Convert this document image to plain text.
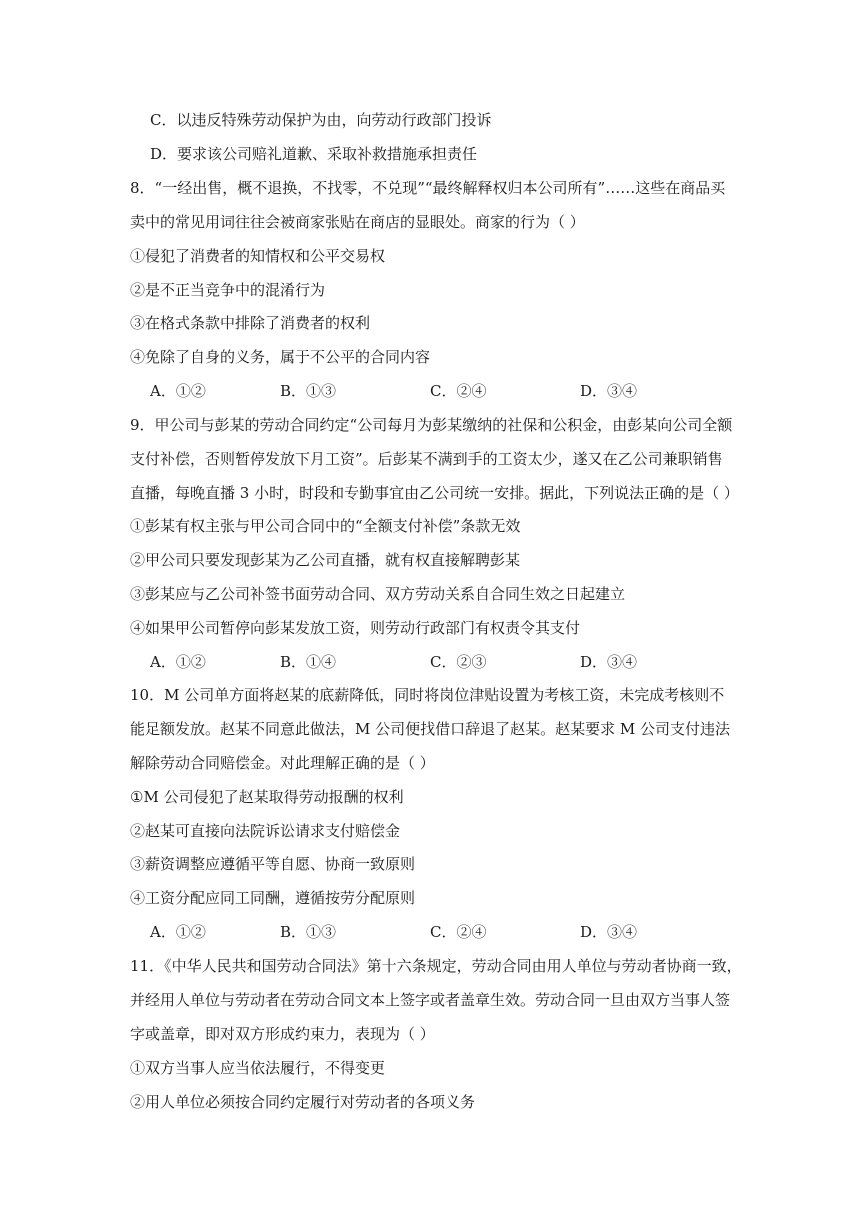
C．以违反特殊劳动保护为由，向劳动行政部门投诉
D．要求该公司赔礼道歉、采取补救措施承担责任
8．“一经出售，概不退换，不找零，不兑现”“最终解释权归本公司所有”……这些在商品买
卖中的常见用词往往会被商家张贴在商店的显眼处。商家的行为（ ）
①侵犯了消费者的知情权和公平交易权
②是不正当竞争中的混淆行为
③在格式条款中排除了消费者的权利
④免除了自身的义务，属于不公平的合同内容
A．①②	B．①③	C．②④	D．③④
9．甲公司与彭某的劳动合同约定“公司每月为彭某缴纳的社保和公积金，由彭某向公司全额
支付补偿，否则暂停发放下月工资”。后彭某不满到手的工资太少，遂又在乙公司兼职销售
直播，每晚直播 3 小时，时段和专勤事宜由乙公司统一安排。据此，下列说法正确的是（ ）
①彭某有权主张与甲公司合同中的“全额支付补偿”条款无效
②甲公司只要发现彭某为乙公司直播，就有权直接解聘彭某
③彭某应与乙公司补签书面劳动合同、双方劳动关系自合同生效之日起建立
④如果甲公司暂停向彭某发放工资，则劳动行政部门有权责令其支付
A．①②	B．①④	C．②③	D．③④
10．M 公司单方面将赵某的底薪降低，同时将岗位津贴设置为考核工资，未完成考核则不
能足额发放。赵某不同意此做法，M 公司便找借口辞退了赵某。赵某要求 M 公司支付违法
解除劳动合同赔偿金。对此理解正确的是（ ）
①M 公司侵犯了赵某取得劳动报酬的权利
②赵某可直接向法院诉讼请求支付赔偿金
③薪资调整应遵循平等自愿、协商一致原则
④工资分配应同工同酬，遵循按劳分配原则
A．①②	B．①③	C．②④	D．③④
11．《中华人民共和国劳动合同法》第十六条规定，劳动合同由用人单位与劳动者协商一致，
并经用人单位与劳动者在劳动合同文本上签字或者盖章生效。劳动合同一旦由双方当事人签
字或盖章，即对双方形成约束力，表现为（ ）
①双方当事人应当依法履行，不得变更
②用人单位必须按合同约定履行对劳动者的各项义务
